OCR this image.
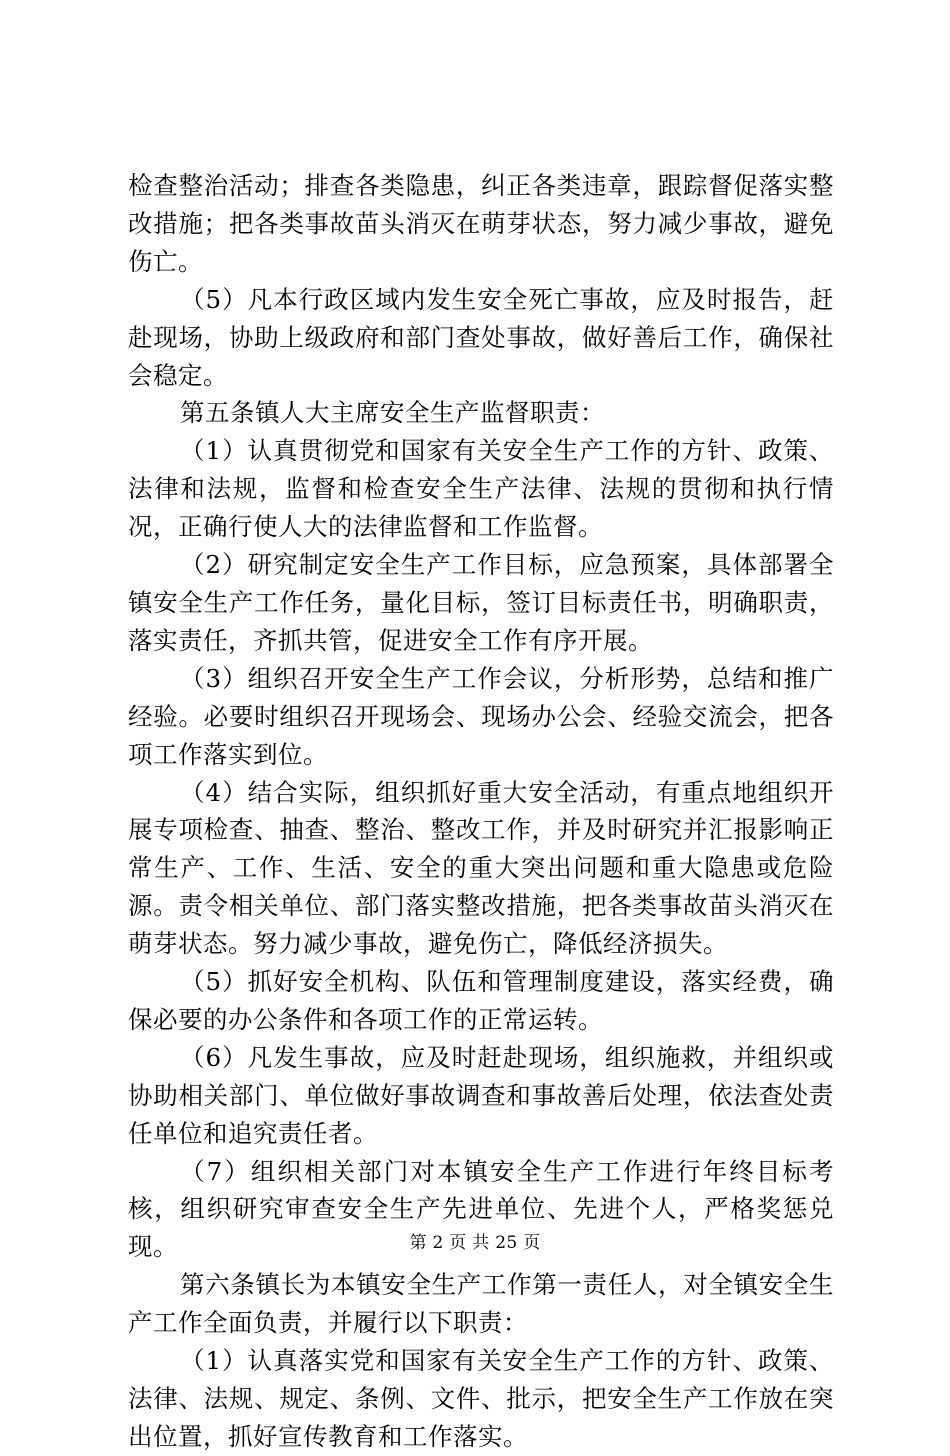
检查整治活动；排查各类隐患，纠正各类违章，跟踪督促落实整改措施；把各类事故苗头消灭在萌芽状态，努力减少事故，避免伤亡。

（5）凡本行政区域内发生安全死亡事故，应及时报告，赶赴现场，协助上级政府和部门查处事故，做好善后工作，确保社会稳定。

第五条镇人大主席安全生产监督职责：

（1）认真贯彻党和国家有关安全生产工作的方针、政策、法律和法规，监督和检查安全生产法律、法规的贯彻和执行情况，正确行使人大的法律监督和工作监督。

（2）研究制定安全生产工作目标，应急预案，具体部署全镇安全生产工作任务，量化目标，签订目标责任书，明确职责，落实责任，齐抓共管，促进安全工作有序开展。

（3）组织召开安全生产工作会议，分析形势，总结和推广经验。必要时组织召开现场会、现场办公会、经验交流会，把各项工作落实到位。

（4）结合实际，组织抓好重大安全活动，有重点地组织开展专项检查、抽查、整治、整改工作，并及时研究并汇报影响正常生产、工作、生活、安全的重大突出问题和重大隐患或危险源。责令相关单位、部门落实整改措施，把各类事故苗头消灭在萌芽状态。努力减少事故，避免伤亡，降低经济损失。

（5）抓好安全机构、队伍和管理制度建设，落实经费，确保必要的办公条件和各项工作的正常运转。

（6）凡发生事故，应及时赶赴现场，组织施救，并组织或协助相关部门、单位做好事故调查和事故善后处理，依法查处责任单位和追究责任者。

（7）组织相关部门对本镇安全生产工作进行年终目标考核，组织研究审查安全生产先进单位、先进个人，严格奖惩兑现。

第六条镇长为本镇安全生产工作第一责任人，对全镇安全生产工作全面负责，并履行以下职责：

（1）认真落实党和国家有关安全生产工作的方针、政策、法律、法规、规定、条例、文件、批示，把安全生产工作放在突出位置，抓好宣传教育和工作落实。

第 2 页 共 25 页
